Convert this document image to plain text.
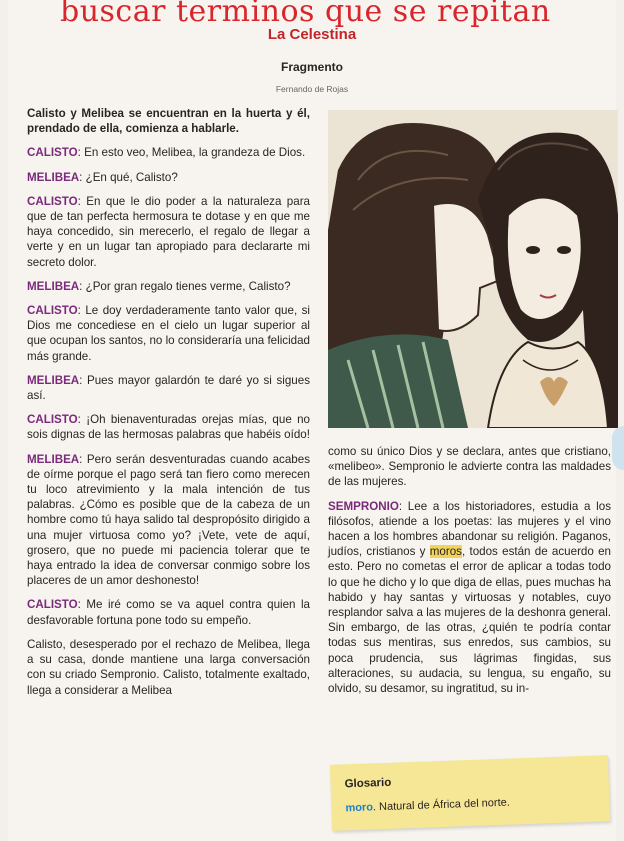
buscar terminos que se repitan
La Celestina
Fragmento
Fernando de Rojas

Calisto y Melibea se encuentran en la huerta y él, prendado de ella, comienza a hablarle.

CALISTO: En esto veo, Melibea, la grandeza de Dios.

MELIBEA: ¿En qué, Calisto?

CALISTO: En que le dio poder a la naturaleza para que de tan perfecta hermosura te dotase y en que me haya concedido, sin merecerlo, el regalo de llegar a verte y en un lugar tan apropiado para declararte mi secreto dolor.

MELIBEA: ¿Por gran regalo tienes verme, Calisto?

CALISTO: Le doy verdaderamente tanto valor que, si Dios me concediese en el cielo un lugar superior al que ocupan los santos, no lo consideraría una felicidad más grande.

MELIBEA: Pues mayor galardón te daré yo si sigues así.

CALISTO: ¡Oh bienaventuradas orejas mías, que no sois dignas de las hermosas palabras que habéis oído!

MELIBEA: Pero serán desventuradas cuando acabes de oírme porque el pago será tan fiero como merecen tu loco atrevimiento y la mala intención de tus palabras. ¿Cómo es posible que de la cabeza de un hombre como tú haya salido tal despropósito dirigido a una mujer virtuosa como yo? ¡Vete, vete de aquí, grosero, que no puede mi paciencia tolerar que te haya entrado la idea de conversar conmigo sobre los placeres de un amor deshonesto!

CALISTO: Me iré como se va aquel contra quien la desfavorable fortuna pone todo su empeño.

Calisto, desesperado por el rechazo de Melibea, llega a su casa, donde mantiene una larga conversación con su criado Sempronio. Calisto, totalmente exaltado, llega a considerar a Melibea

como su único Dios y se declara, antes que cristiano, «melibeo». Sempronio le advierte contra las maldades de las mujeres.

SEMPRONIO: Lee a los historiadores, estudia a los filósofos, atiende a los poetas: las mujeres y el vino hacen a los hombres abandonar su religión. Paganos, judíos, cristianos y moros, todos están de acuerdo en esto. Pero no cometas el error de aplicar a todas todo lo que he dicho y lo que diga de ellas, pues muchas ha habido y hay santas y virtuosas y notables, cuyo resplandor salva a las mujeres de la deshonra general. Sin embargo, de las otras, ¿quién te podría contar todas sus mentiras, sus enredos, sus cambios, su poca prudencia, sus lágrimas fingidas, sus alteraciones, su audacia, su lengua, su engaño, su olvido, su desamor, su ingratitud, su in-

Glosario
moro. Natural de África del norte.
